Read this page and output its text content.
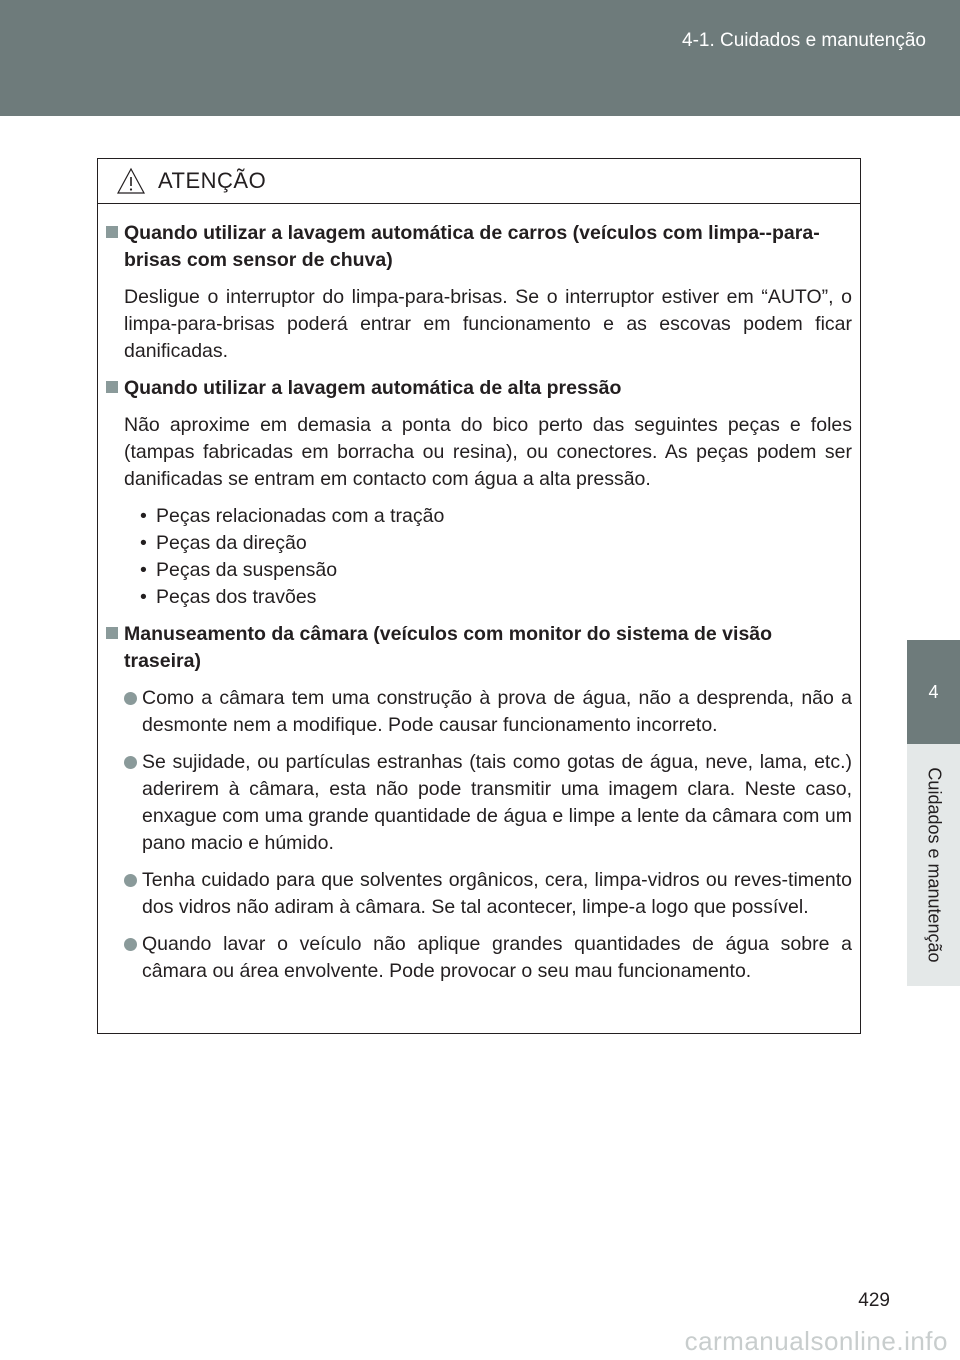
4-1. Cuidados e manutenção
4
Cuidados e manutenção
ATENÇÃO
Quando utilizar a lavagem automática de carros (veículos com limpa--para-brisas com sensor de chuva)
Desligue o interruptor do limpa-para-brisas. Se o interruptor estiver em “AUTO”, o limpa-para-brisas poderá entrar em funcionamento e as escovas podem ficar danificadas.
Quando utilizar a lavagem automática de alta pressão
Não aproxime em demasia a ponta do bico perto das seguintes peças e foles (tampas fabricadas em borracha ou resina), ou conectores. As peças podem ser danificadas se entram em contacto com água a alta pressão.
• Peças relacionadas com a tração
• Peças da direção
• Peças da suspensão
• Peças dos travões
Manuseamento da câmara (veículos com monitor do sistema de visão traseira)
Como a câmara tem uma construção à prova de água, não a desprenda, não a desmonte nem a modifique. Pode causar funcionamento incorreto.
Se sujidade, ou partículas estranhas (tais como gotas de água, neve, lama, etc.) aderirem à câmara, esta não pode transmitir uma imagem clara. Neste caso, enxague com uma grande quantidade de água e limpe a lente da câmara com um pano macio e húmido.
Tenha cuidado para que solventes orgânicos, cera, limpa-vidros ou reves-timento dos vidros não adiram à câmara. Se tal acontecer, limpe-a logo que possível.
Quando lavar o veículo não aplique grandes quantidades de água sobre a câmara ou área envolvente. Pode provocar o seu mau funcionamento.
429
carmanualsonline.info
